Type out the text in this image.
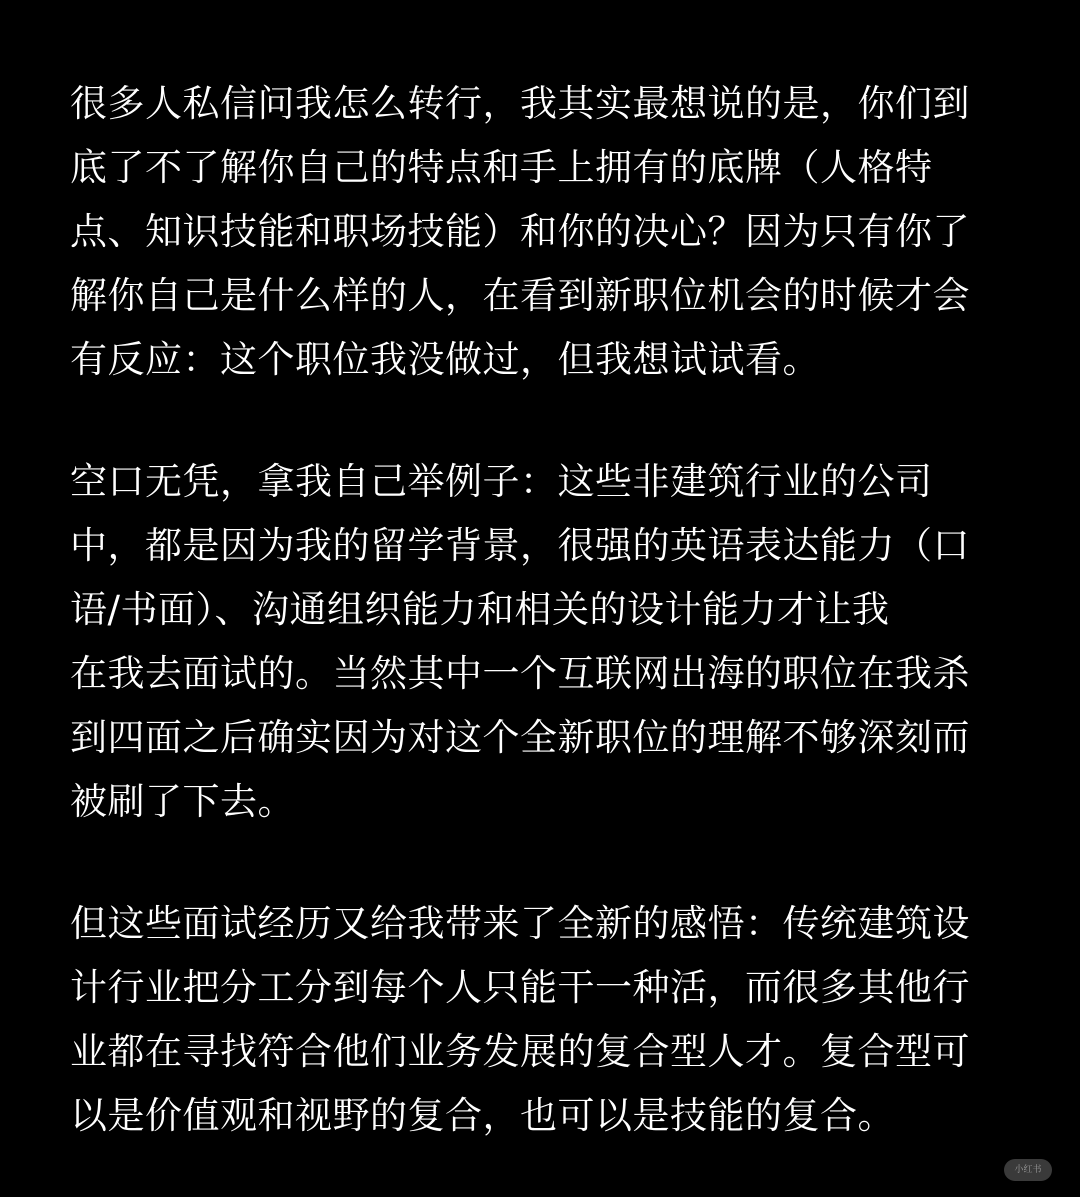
很多人私信问我怎么转行，我其实最想说的是，你们到
底了不了解你自己的特点和手上拥有的底牌（人格特
点、知识技能和职场技能）和你的决心？因为只有你了
解你自己是什么样的人，在看到新职位机会的时候才会
有反应：这个职位我没做过，但我想试试看。
空口无凭，拿我自己举例子：这些非建筑行业的公司
中，都是因为我的留学背景，很强的英语表达能力（口
语/书面）、沟通组织能力和相关的设计能力才让我
在我去面试的。当然其中一个互联网出海的职位在我杀
到四面之后确实因为对这个全新职位的理解不够深刻而
被刷了下去。
但这些面试经历又给我带来了全新的感悟：传统建筑设
计行业把分工分到每个人只能干一种活，而很多其他行
业都在寻找符合他们业务发展的复合型人才。复合型可
以是价值观和视野的复合，也可以是技能的复合。
小红书
